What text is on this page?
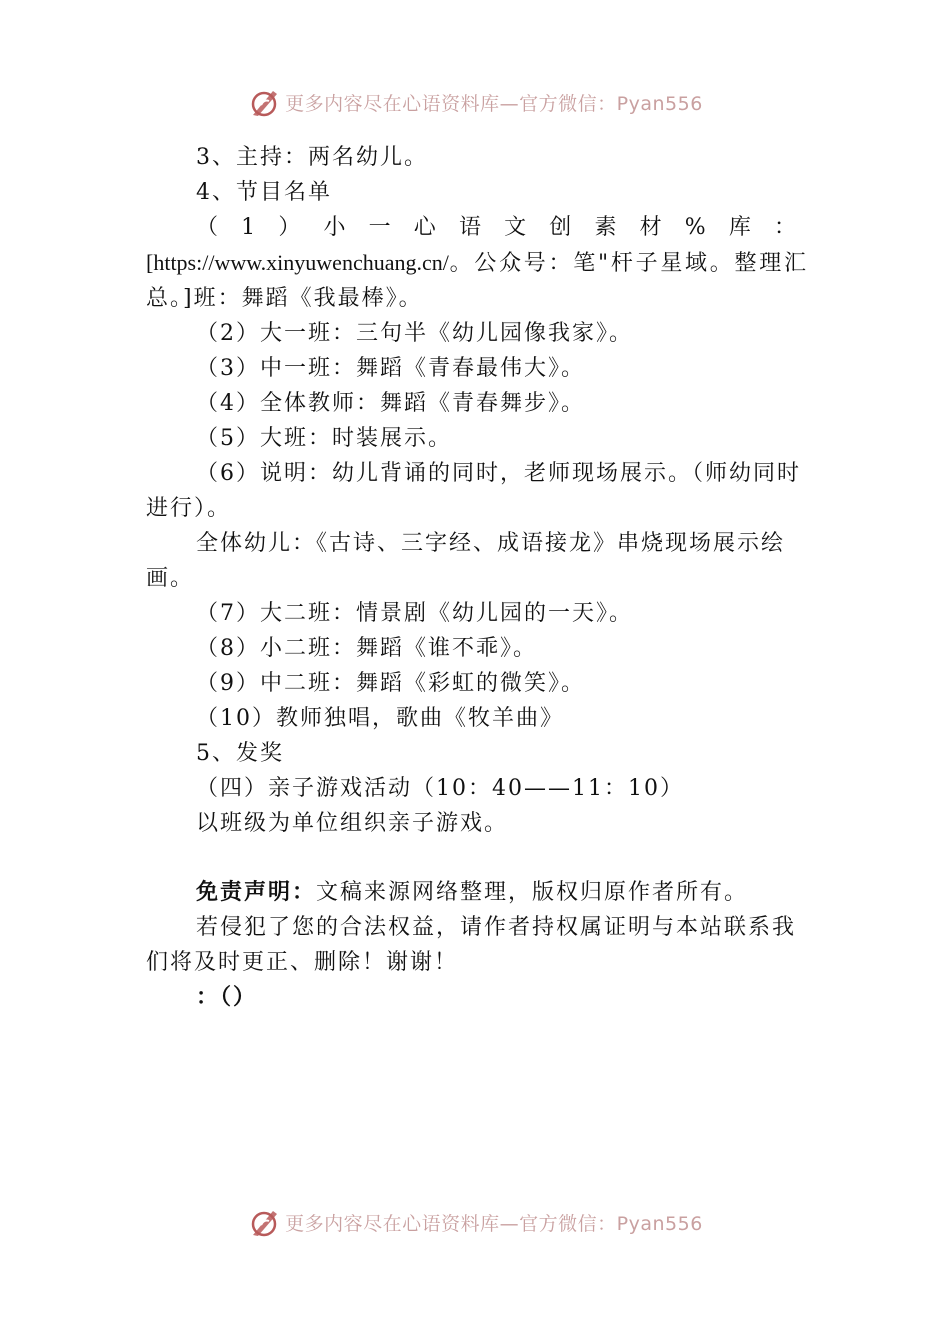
更多内容尽在心语资料库—官方微信：Pyan556

3、主持：两名幼儿。

4、节目名单

（1）小一心语文创素材%库：[https://www.xinyuwenchuang.cn/。公众号：笔"杆子星域。整理汇总。]班：舞蹈《我最棒》。

（2）大一班：三句半《幼儿园像我家》。

（3）中一班：舞蹈《青春最伟大》。

（4）全体教师：舞蹈《青春舞步》。

（5）大班：时装展示。

（6）说明：幼儿背诵的同时，老师现场展示。（师幼同时进行）。

全体幼儿：《古诗、三字经、成语接龙》串烧现场展示绘画。

（7）大二班：情景剧《幼儿园的一天》。

（8）小二班：舞蹈《谁不乖》。

（9）中二班：舞蹈《彩虹的微笑》。

（10）教师独唱，歌曲《牧羊曲》

5、发奖

（四）亲子游戏活动（10：40——11：10）

以班级为单位组织亲子游戏。

免责声明：文稿来源网络整理，版权归原作者所有。

若侵犯了您的合法权益，请作者持权属证明与本站联系我们将及时更正、删除！谢谢！

：（）

更多内容尽在心语资料库—官方微信：Pyan556
